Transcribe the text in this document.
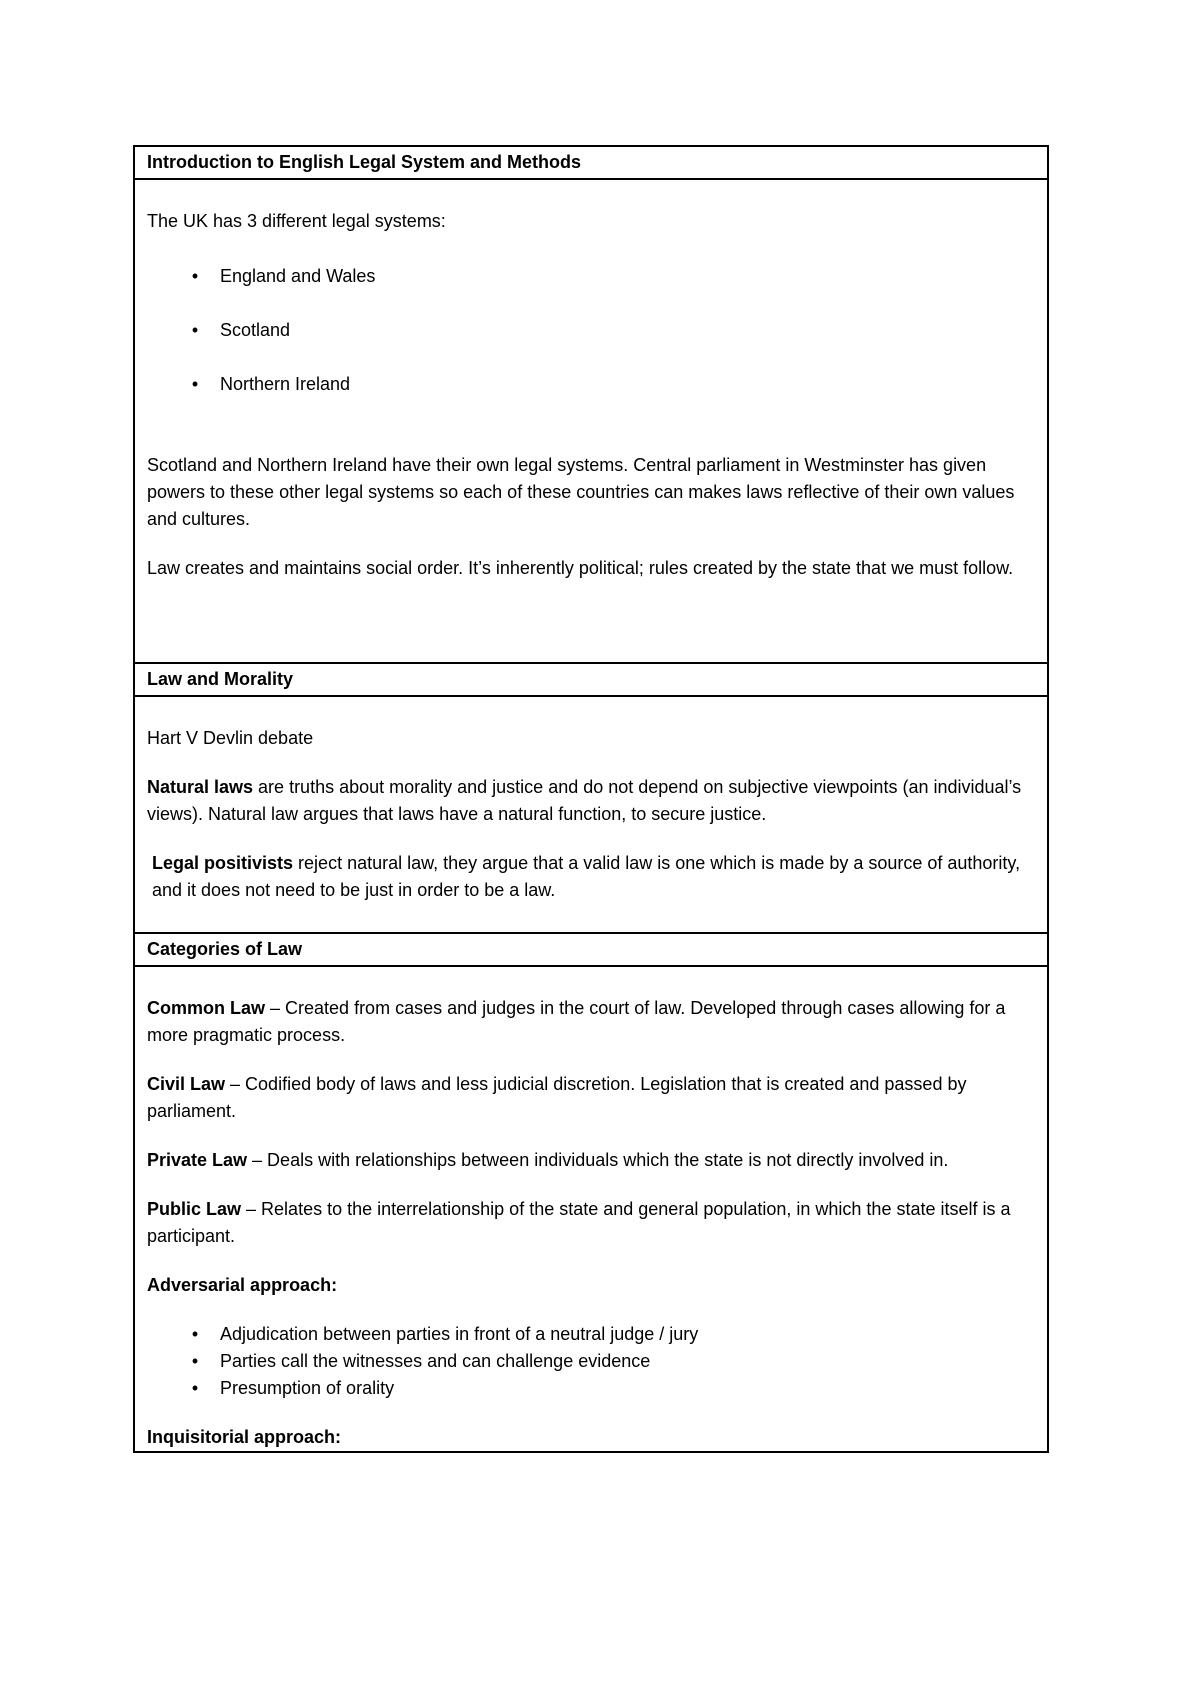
Introduction to English Legal System and Methods

The UK has 3 different legal systems:

• England and Wales
• Scotland
• Northern Ireland

Scotland and Northern Ireland have their own legal systems. Central parliament in Westminster has given powers to these other legal systems so each of these countries can makes laws reflective of their own values and cultures.

Law creates and maintains social order. It’s inherently political; rules created by the state that we must follow.

Law and Morality

Hart V Devlin debate

Natural laws are truths about morality and justice and do not depend on subjective viewpoints (an individual’s views). Natural law argues that laws have a natural function, to secure justice.

Legal positivists reject natural law, they argue that a valid law is one which is made by a source of authority, and it does not need to be just in order to be a law.

Categories of Law

Common Law – Created from cases and judges in the court of law. Developed through cases allowing for a more pragmatic process.

Civil Law – Codified body of laws and less judicial discretion. Legislation that is created and passed by parliament.

Private Law – Deals with relationships between individuals which the state is not directly involved in.

Public Law – Relates to the interrelationship of the state and general population, in which the state itself is a participant.

Adversarial approach:

• Adjudication between parties in front of a neutral judge / jury
• Parties call the witnesses and can challenge evidence
• Presumption of orality

Inquisitorial approach:
